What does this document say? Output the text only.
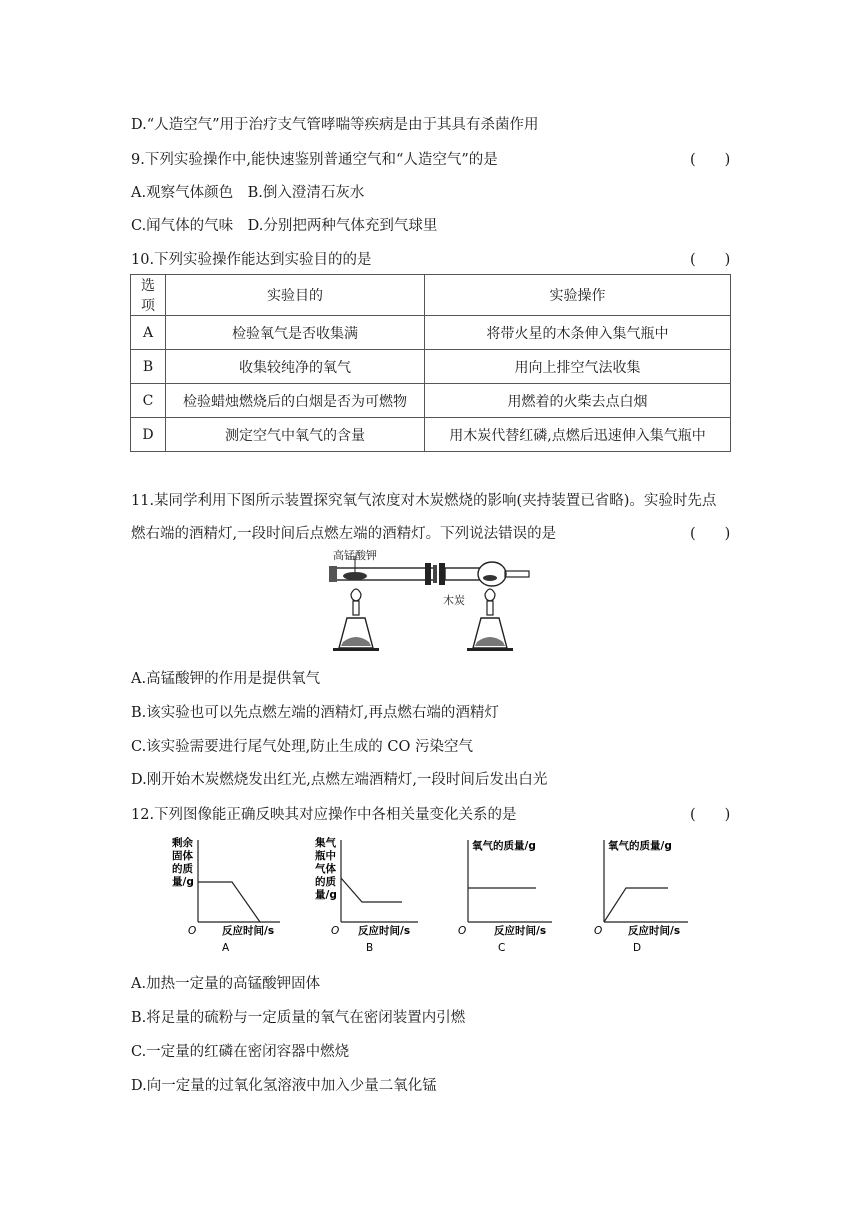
D.“人造空气”用于治疗支气管哮喘等疾病是由于其具有杀菌作用
9.下列实验操作中,能快速鉴别普通空气和“人造空气”的是	(　　)
A.观察气体颜色　B.倒入澄清石灰水
C.闻气体的气味　D.分别把两种气体充到气球里
10.下列实验操作能达到实验目的的是	(　　)
选项	实验目的	实验操作
A	检验氧气是否收集满	将带火星的木条伸入集气瓶中
B	收集较纯净的氧气	用向上排空气法收集
C	检验蜡烛燃烧后的白烟是否为可燃物	用燃着的火柴去点白烟
D	测定空气中氧气的含量	用木炭代替红磷,点燃后迅速伸入集气瓶中
11.某同学利用下图所示装置探究氧气浓度对木炭燃烧的影响(夹持装置已省略)。实验时先点
燃右端的酒精灯,一段时间后点燃左端的酒精灯。下列说法错误的是	(　　)
高锰酸钾
木炭
A.高锰酸钾的作用是提供氧气
B.该实验也可以先点燃左端的酒精灯,再点燃右端的酒精灯
C.该实验需要进行尾气处理,防止生成的 CO 污染空气
D.刚开始木炭燃烧发出红光,点燃左端酒精灯,一段时间后发出白光
12.下列图像能正确反映其对应操作中各相关量变化关系的是	(　　)
剩余
固体
的质
量/g
O 反应时间/s
A
集气
瓶中
气体
的质
量/g
O 反应时间/s
B
氧气的质量/g
O	反应时间/s
C
氧气的质量/g
O 反应时间/s
D
A.加热一定量的高锰酸钾固体
B.将足量的硫粉与一定质量的氧气在密闭装置内引燃
C.一定量的红磷在密闭容器中燃烧
D.向一定量的过氧化氢溶液中加入少量二氧化锰
